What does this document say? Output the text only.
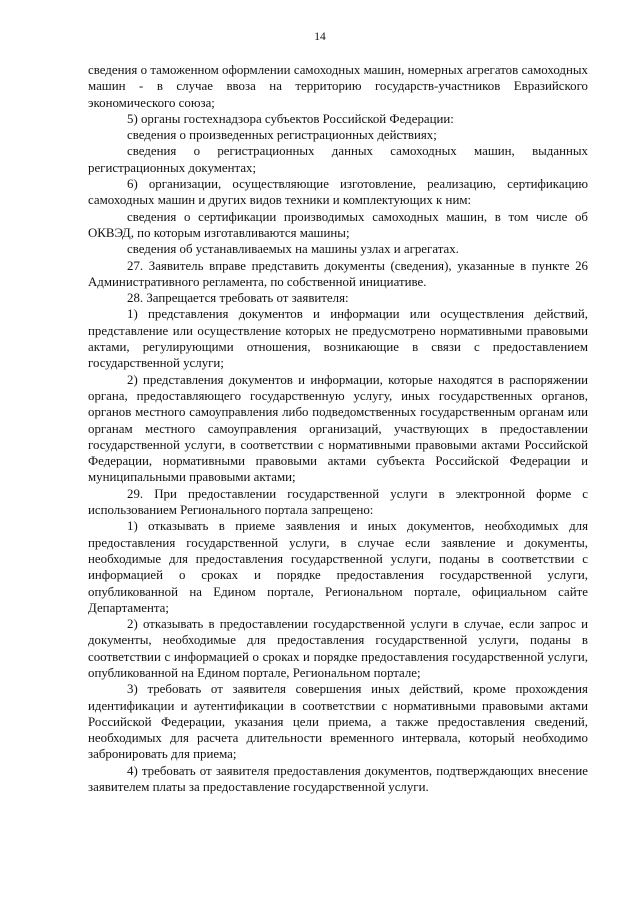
14

сведения о таможенном оформлении самоходных машин, номерных агрегатов самоходных машин - в случае ввоза на территорию государств-участников Евразийского экономического союза;

5) органы гостехнадзора субъектов Российской Федерации:

сведения о произведенных регистрационных действиях;

сведения о регистрационных данных самоходных машин, выданных регистрационных документах;

6) организации, осуществляющие изготовление, реализацию, сертификацию самоходных машин и других видов техники и комплектующих к ним:

сведения о сертификации производимых самоходных машин, в том числе об ОКВЭД, по которым изготавливаются машины;

сведения об устанавливаемых на машины узлах и агрегатах.

27. Заявитель вправе представить документы (сведения), указанные в пункте 26 Административного регламента, по собственной инициативе.

28. Запрещается требовать от заявителя:

1) представления документов и информации или осуществления действий, представление или осуществление которых не предусмотрено нормативными правовыми актами, регулирующими отношения, возникающие в связи с предоставлением государственной услуги;

2) представления документов и информации, которые находятся в распоряжении органа, предоставляющего государственную услугу, иных государственных органов, органов местного самоуправления либо подведомственных государственным органам или органам местного самоуправления организаций, участвующих в предоставлении государственной услуги, в соответствии с нормативными правовыми актами Российской Федерации, нормативными правовыми актами субъекта Российской Федерации и муниципальными правовыми актами;

29. При предоставлении государственной услуги в электронной форме с использованием Регионального портала запрещено:

1) отказывать в приеме заявления и иных документов, необходимых для предоставления государственной услуги, в случае если заявление и документы, необходимые для предоставления государственной услуги, поданы в соответствии с информацией о сроках и порядке предоставления государственной услуги, опубликованной на Едином портале, Региональном портале, официальном сайте Департамента;

2) отказывать в предоставлении государственной услуги в случае, если запрос и документы, необходимые для предоставления государственной услуги, поданы в соответствии с информацией о сроках и порядке предоставления государственной услуги, опубликованной на Едином портале, Региональном портале;

3) требовать от заявителя совершения иных действий, кроме прохождения идентификации и аутентификации в соответствии с нормативными правовыми актами Российской Федерации, указания цели приема, а также предоставления сведений, необходимых для расчета длительности временного интервала, который необходимо забронировать для приема;

4) требовать от заявителя предоставления документов, подтверждающих внесение заявителем платы за предоставление государственной услуги.
